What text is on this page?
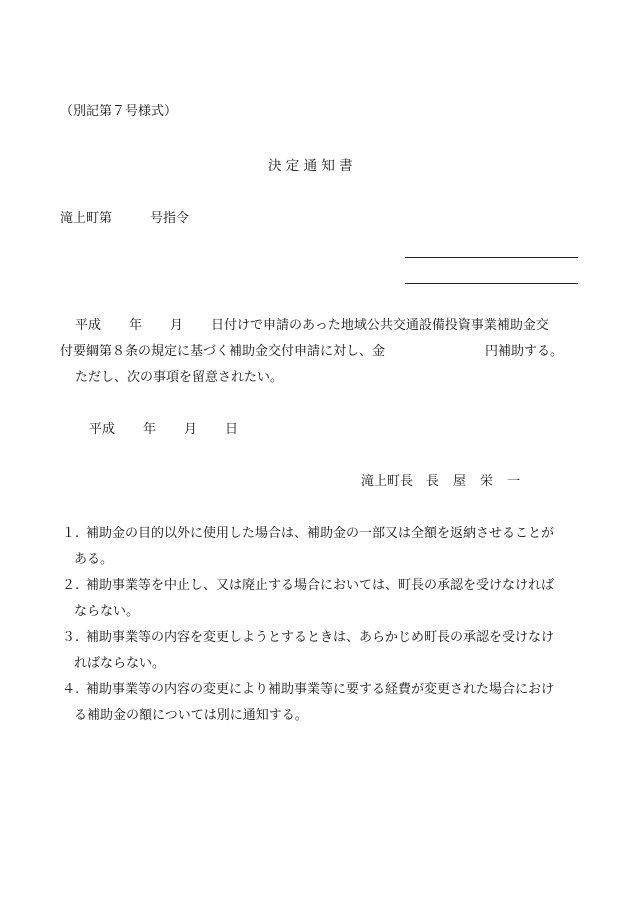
（別記第７号様式）
決 定 通 知 書
滝上町第	号指令
平成 年 月 日付けで申請のあった地域公共交通設備投資事業補助金交
付要綱第８条の規定に基づく補助金交付申請に対し、金	円補助する。
ただし、次の事項を留意されたい。
平成 年 月 日
滝上町長 長 屋 栄 一
１. 補助金の目的以外に使用した場合は、補助金の一部又は全額を返納させることが
ある。
２. 補助事業等を中止し、又は廃止する場合においては、町長の承認を受けなければ
ならない。
３. 補助事業等の内容を変更しようとするときは、あらかじめ町長の承認を受けなけ
ればならない。
４. 補助事業等の内容の変更により補助事業等に要する経費が変更された場合におけ
る補助金の額については別に通知する。
